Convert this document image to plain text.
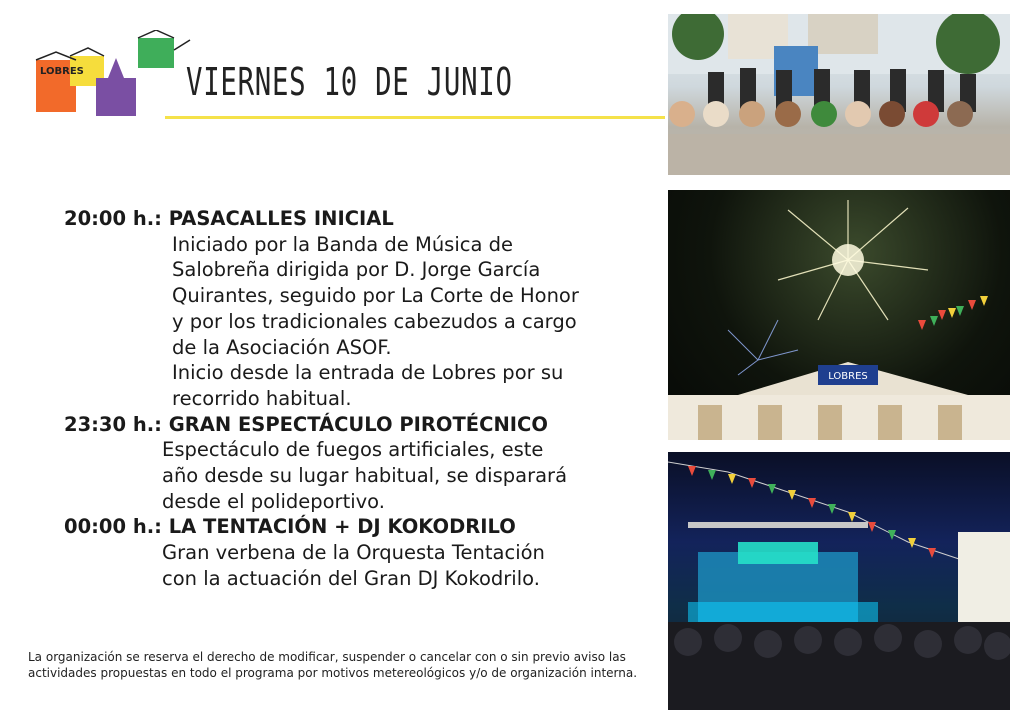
LOBRES	VIERNES 10 DE JUNIO
20:00 h.: PASACALLES INICIAL
Iniciado por la Banda de Música de
Salobreña dirigida por D. Jorge García
Quirantes, seguido por La Corte de Honor
y por los tradicionales cabezudos a cargo
de la Asociación ASOF.
Inicio desde la entrada de Lobres por su
recorrido habitual.
23:30 h.: GRAN ESPECTÁCULO PIROTÉCNICO
Espectáculo de fuegos artificiales, este
año desde su lugar habitual, se disparará
desde el polideportivo.
00:00 h.: LA TENTACIÓN + DJ KOKODRILO
Gran verbena de la Orquesta Tentación
con la actuación del Gran DJ Kokodrilo.
La organización se reserva el derecho de modificar, suspender o cancelar con o sin previo aviso las actividades propuestas en todo el programa por motivos metereológicos y/o de organización interna.
LOBRES
